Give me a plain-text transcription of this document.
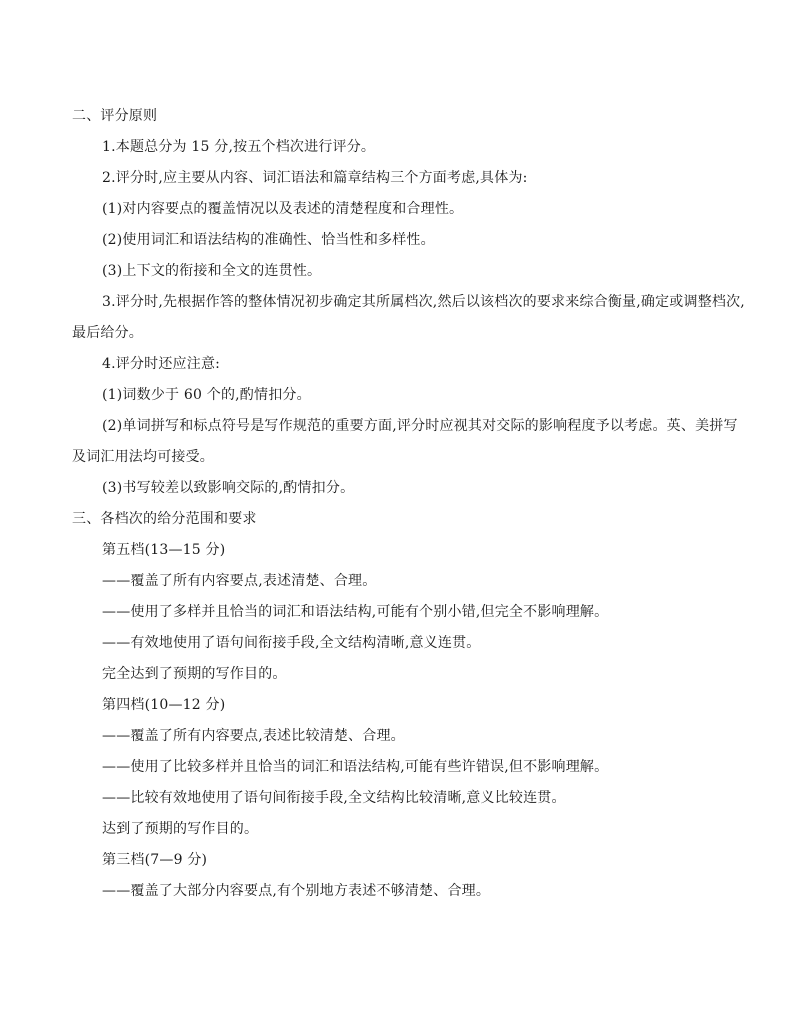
二、评分原则
1.本题总分为 15 分,按五个档次进行评分。
2.评分时,应主要从内容、词汇语法和篇章结构三个方面考虑,具体为:
(1)对内容要点的覆盖情况以及表述的清楚程度和合理性。
(2)使用词汇和语法结构的准确性、恰当性和多样性。
(3)上下文的衔接和全文的连贯性。
3.评分时,先根据作答的整体情况初步确定其所属档次,然后以该档次的要求来综合衡量,确定或调整档次,
最后给分。
4.评分时还应注意:
(1)词数少于 60 个的,酌情扣分。
(2)单词拼写和标点符号是写作规范的重要方面,评分时应视其对交际的影响程度予以考虑。英、美拼写
及词汇用法均可接受。
(3)书写较差以致影响交际的,酌情扣分。
三、各档次的给分范围和要求
第五档(13—15 分)
——覆盖了所有内容要点,表述清楚、合理。
——使用了多样并且恰当的词汇和语法结构,可能有个别小错,但完全不影响理解。
——有效地使用了语句间衔接手段,全文结构清晰,意义连贯。
完全达到了预期的写作目的。
第四档(10—12 分)
——覆盖了所有内容要点,表述比较清楚、合理。
——使用了比较多样并且恰当的词汇和语法结构,可能有些许错误,但不影响理解。
——比较有效地使用了语句间衔接手段,全文结构比较清晰,意义比较连贯。
达到了预期的写作目的。
第三档(7—9 分)
——覆盖了大部分内容要点,有个别地方表述不够清楚、合理。
